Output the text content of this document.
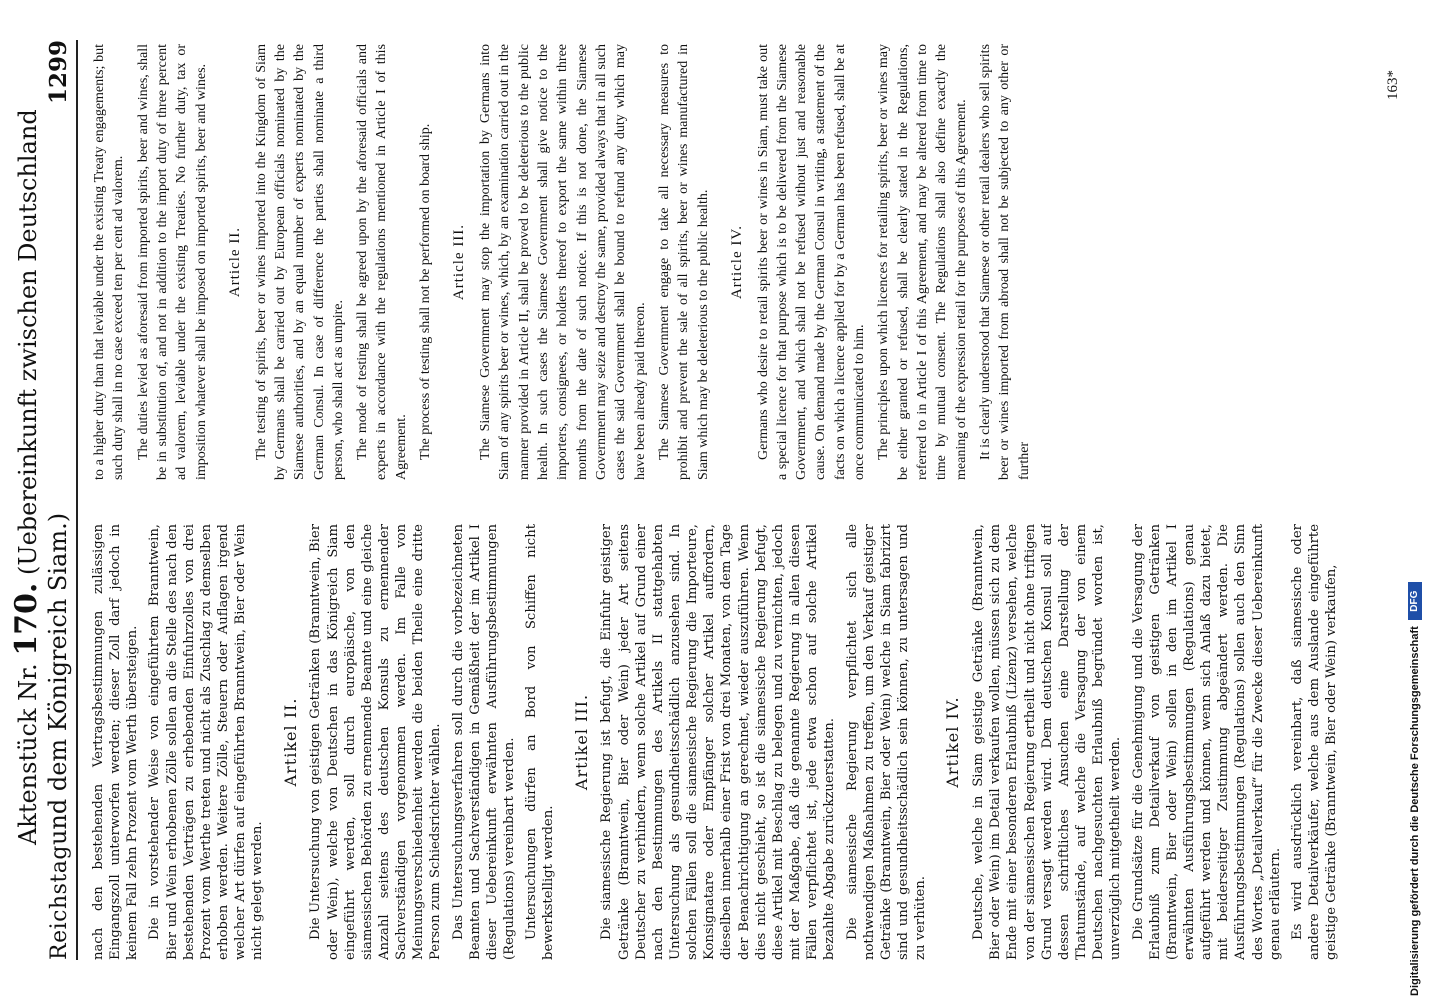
Reichstag
Aktenstück Nr. 170. (Uebereinkunft zwischen Deutschland und dem Königreich Siam.)
1299

nach den bestehenden Vertragsbestimmungen zulässigen Eingangszoll unterworfen werden; dieser Zoll darf jedoch in keinem Fall zehn Prozent vom Werth übersteigen. Die in vorstehender Weise von eingeführtem Branntwein, Bier und Wein erhobenen Zölle sollen an die Stelle des nach den bestehenden Verträgen zu erhebenden Einfuhrzolles von drei Prozent vom Werthe treten und nicht als Zuschlag zu demselben erhoben werden. Weitere Zölle, Steuern oder Auflagen irgend welcher Art dürfen auf eingeführten Branntwein, Bier oder Wein nicht gelegt werden.

Artikel II. Die Untersuchung von geistigen Getränken (Branntwein, Bier oder Wein), welche von Deutschen in das Königreich Siam eingeführt werden, soll durch europäische, von den siamesischen Behörden zu ernennende Beamte und eine gleiche Anzahl seitens des deutschen Konsuls zu ernennender Sachverständigen vorgenommen werden. Im Falle von Meinungsverschiedenheit werden die beiden Theile eine dritte Person zum Schiedsrichter wählen. Das Untersuchungsverfahren soll durch die vorbezeichneten Beamten und Sachverständigen in Gemäßheit der im Artikel I dieser Uebereinkunft erwähnten Ausführungsbestimmungen (Regulations) vereinbart werden. Untersuchungen dürfen an Bord von Schiffen nicht bewerkstelligt werden.

Artikel III. Die siamesische Regierung ist befugt, die Einfuhr geistiger Getränke (Branntwein, Bier oder Wein) jeder Art seitens Deutscher zu verhindern, wenn solche Artikel auf Grund einer nach den Bestimmungen des Artikels II stattgehabten Untersuchung als gesundheitsschädlich anzusehen sind. In solchen Fällen soll die siamesische Regierung die Importeure, Konsignatare oder Empfänger solcher Artikel auffordern, dieselben innerhalb einer Frist von drei Monaten, von dem Tage der Benachrichtigung an gerechnet, wieder auszuführen. Wenn dies nicht geschieht, so ist die siamesische Regierung befugt, diese Artikel mit Beschlag zu belegen und zu vernichten, jedoch mit der Maßgabe, daß die genannte Regierung in allen diesen Fällen verpflichtet ist, jede etwa schon auf solche Artikel bezahlte Abgabe zurückzuerstatten. Die siamesische Regierung verpflichtet sich alle nothwendigen Maßnahmen zu treffen, um den Verkauf geistiger Getränke (Branntwein, Bier oder Wein) welche in Siam fabrizirt sind und gesundheitsschädlich sein können, zu untersagen und zu verhüten.

Artikel IV. Deutsche, welche in Siam geistige Getränke (Branntwein, Bier oder Wein) im Detail verkaufen wollen, müssen sich zu dem Ende mit einer besonderen Erlaubniß (Lizenz) versehen, welche von der siamesischen Regierung ertheilt und nicht ohne triftigen Grund versagt werden wird. Dem deutschen Konsul soll auf dessen schriftliches Ansuchen eine Darstellung der Thatumstände, auf welche die Versagung der von einem Deutschen nachgesuchten Erlaubniß begründet worden ist, unverzüglich mitgetheilt werden. Die Grundsätze für die Genehmigung und die Versagung der Erlaubniß zum Detailverkauf von geistigen Getränken (Branntwein, Bier oder Wein) sollen in den im Artikel I erwähnten Ausführungsbestimmungen (Regulations) genau aufgeführt werden und können, wenn sich Anlaß dazu bietet, mit beiderseitiger Zustimmung abgeändert werden. Die Ausführungsbestimmungen (Regulations) sollen auch den Sinn des Wortes „Detailverkauf“ für die Zwecke dieser Uebereinkunft genau erläutern. Es wird ausdrücklich vereinbart, daß siamesische oder andere Detailverkäufer, welche aus dem Auslande eingeführte geistige Getränke (Branntwein, Bier oder Wein) verkaufen,

to a higher duty than that leviable under the existing Treaty engagements; but such duty shall in no case exceed ten per cent ad valorem. The duties levied as aforesaid from imported spirits, beer and wines, shall be in substitution of, and not in addition to the import duty of three percent ad valorem, leviable under the existing Treaties. No further duty, tax or imposition whatever shall be imposed on imported spirits, beer and wines. Article II. The testing of spirits, beer or wines imported into the Kingdom of Siam by Germans shall be carried out by European officials nominated by the Siamese authorities, and by an equal number of experts nominated by the German Consul. In case of difference the parties shall nominate a third person, who shall act as umpire. The mode of testing shall be agreed upon by the aforesaid officials and experts in accordance with the regulations mentioned in Article I of this Agreement. The process of testing shall not be performed on board ship. Article III. The Siamese Government may stop the importation by Germans into Siam of any spirits beer or wines, which, by an examination carried out in the manner provided in Article II, shall be proved to be deleterious to the public health. In such cases the Siamese Government shall give notice to the importers, consignees, or holders thereof to export the same within three months from the date of such notice. If this is not done, the Siamese Government may seize and destroy the same, provided always that in all such cases the said Government shall be bound to refund any duty which may have been already paid thereon. The Siamese Government engage to take all necessary measures to prohibit and prevent the sale of all spirits, beer or wines manufactured in Siam which may be deleterious to the public health. Article IV. Germans who desire to retail spirits beer or wines in Siam, must take out a special licence for that purpose which is to be delivered from the Siamese Government, and which shall not be refused without just and reasonable cause. On demand made by the German Consul in writing, a statement of the facts on which a licence applied for by a German has been refused, shall be at once communicated to him. The principles upon which licences for retailing spirits, beer or wines may be either granted or refused, shall be clearly stated in the Regulations, referred to in Article I of this Agreement, and may be altered from time to time by mutual consent. The Regulations shall also define exactly the meaning of the expression retail for the purposes of this Agreement. It is clearly understood that Siamese or other retail dealers who sell spirits beer or wines imported from abroad shall not be subjected to any other or further

163*
Digitalisierung gefördert durch die Deutsche Forschungsgemeinschaft
DFG
